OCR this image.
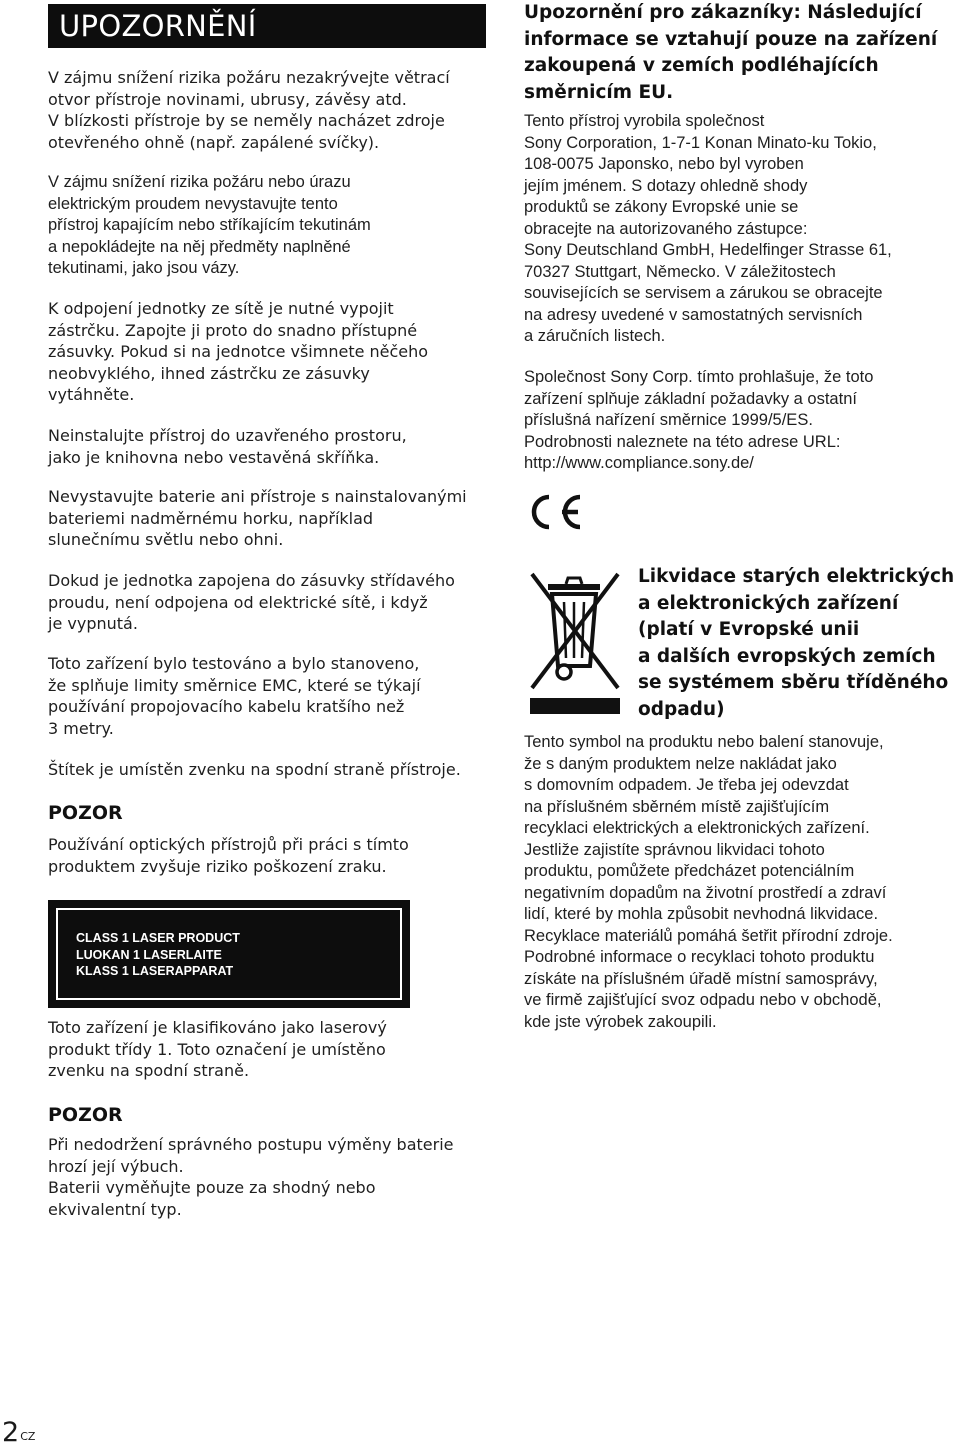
UPOZORNĚNÍ

V zájmu snížení rizika požáru nezakrývejte větrací
otvor přístroje novinami, ubrusy, závěsy atd.
V blízkosti přístroje by se neměly nacházet zdroje
otevřeného ohně (např. zapálené svíčky).

V zájmu snížení rizika požáru nebo úrazu
elektrickým proudem nevystavujte tento
přístroj kapajícím nebo stříkajícím tekutinám
a nepokládejte na něj předměty naplněné
tekutinami, jako jsou vázy.

K odpojení jednotky ze sítě je nutné vypojit
zástrčku. Zapojte ji proto do snadno přístupné
zásuvky. Pokud si na jednotce všimnete něčeho
neobvyklého, ihned zástrčku ze zásuvky
vytáhněte.

Neinstalujte přístroj do uzavřeného prostoru,
jako je knihovna nebo vestavěná skříňka.

Nevystavujte baterie ani přístroje s nainstalovanými
bateriemi nadměrnému horku, například
slunečnímu světlu nebo ohni.

Dokud je jednotka zapojena do zásuvky střídavého
proudu, není odpojena od elektrické sítě, i když
je vypnutá.

Toto zařízení bylo testováno a bylo stanoveno,
že splňuje limity směrnice EMC, které se týkají
používání propojovacího kabelu kratšího než
3 metry.

Štítek je umístěn zvenku na spodní straně přístroje.

POZOR

Používání optických přístrojů při práci s tímto
produktem zvyšuje riziko poškození zraku.

CLASS 1 LASER PRODUCT
LUOKAN 1 LASERLAITE
KLASS 1 LASERAPPARAT

Toto zařízení je klasifikováno jako laserový
produkt třídy 1. Toto označení je umístěno
zvenku na spodní straně.

POZOR

Při nedodržení správného postupu výměny baterie
hrozí její výbuch.
Baterii vyměňujte pouze za shodný nebo
ekvivalentní typ.

Upozornění pro zákazníky: Následující
informace se vztahují pouze na zařízení
zakoupená v zemích podléhajících
směrnicím EU.

Tento přístroj vyrobila společnost
Sony Corporation, 1-7-1 Konan Minato-ku Tokio,
108-0075 Japonsko, nebo byl vyroben
jejím jménem. S dotazy ohledně shody
produktů se zákony Evropské unie se
obracejte na autorizovaného zástupce:
Sony Deutschland GmbH, Hedelfinger Strasse 61,
70327 Stuttgart, Německo. V záležitostech
souvisejících se servisem a zárukou se obracejte
na adresy uvedené v samostatných servisních
a záručních listech.

Společnost Sony Corp. tímto prohlašuje, že toto
zařízení splňuje základní požadavky a ostatní
příslušná nařízení směrnice 1999/5/ES.
Podrobnosti naleznete na této adrese URL:
http://www.compliance.sony.de/

Likvidace starých elektrických
a elektronických zařízení
(platí v Evropské unii
a dalších evropských zemích
se systémem sběru tříděného
odpadu)

Tento symbol na produktu nebo balení stanovuje,
že s daným produktem nelze nakládat jako
s domovním odpadem. Je třeba jej odevzdat
na příslušném sběrném místě zajišťujícím
recyklaci elektrických a elektronických zařízení.
Jestliže zajistíte správnou likvidaci tohoto
produktu, pomůžete předcházet potenciálním
negativním dopadům na životní prostředí a zdraví
lidí, které by mohla způsobit nevhodná likvidace.
Recyklace materiálů pomáhá šetřit přírodní zdroje.
Podrobné informace o recyklaci tohoto produktu
získáte na příslušném úřadě místní samosprávy,
ve firmě zajišťující svoz odpadu nebo v obchodě,
kde jste výrobek zakoupili.

$2^{CZ}$
